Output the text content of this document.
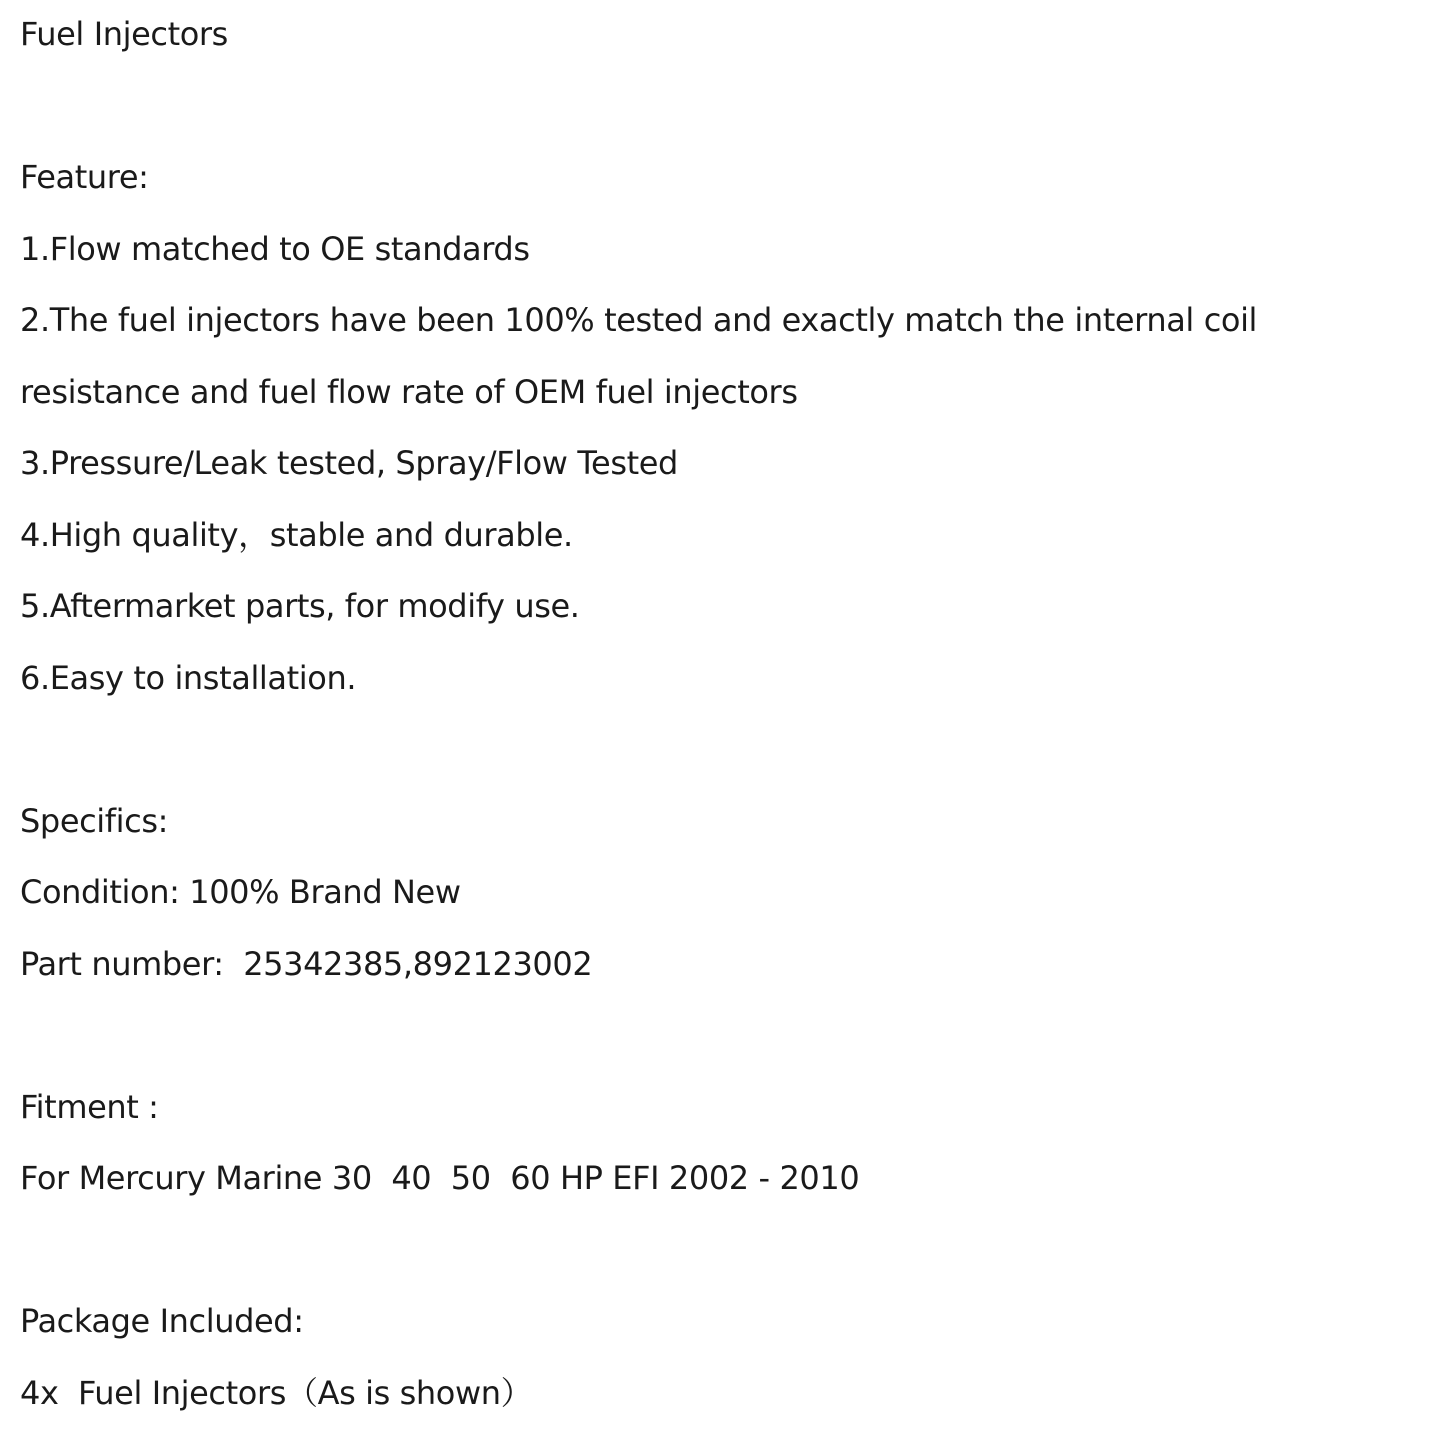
Fuel Injectors
Feature:
1.Flow matched to OE standards
2.The fuel injectors have been 100% tested and exactly match the internal coil
resistance and fuel flow rate of OEM fuel injectors
3.Pressure/Leak tested, Spray/Flow Tested
4.High quality，stable and durable.
5.Aftermarket parts, for modify use.
6.Easy to installation.
Specifics:
Condition: 100% Brand New
Part number:  25342385,892123002
Fitment :
For Mercury Marine 30  40  50  60 HP EFI 2002 - 2010
Package Included:
4x  Fuel Injectors（As is shown）
